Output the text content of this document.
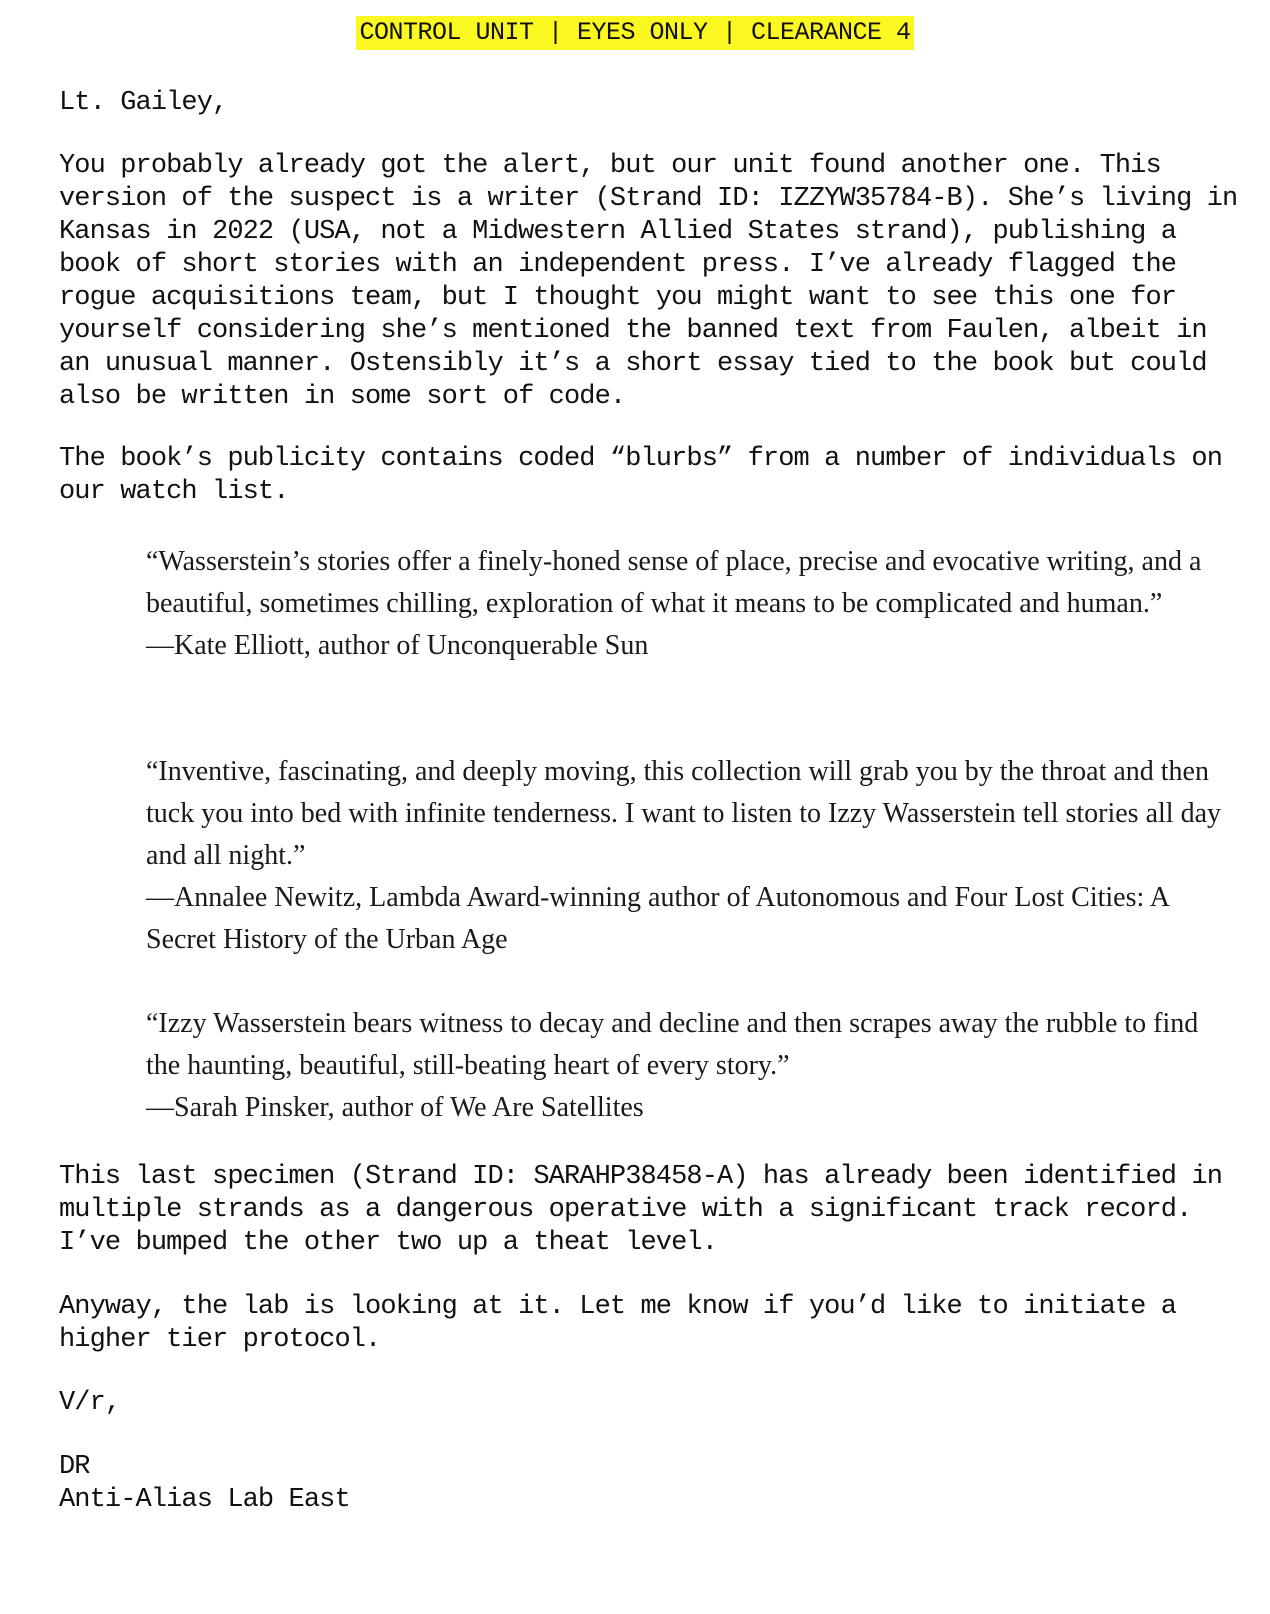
CONTROL UNIT | EYES ONLY | CLEARANCE 4

Lt. Gailey,

You probably already got the alert, but our unit found another one. This version of the suspect is a writer (Strand ID: IZZYW35784-B). She’s living in Kansas in 2022 (USA, not a Midwestern Allied States strand), publishing a book of short stories with an independent press. I’ve already flagged the rogue acquisitions team, but I thought you might want to see this one for yourself considering she’s mentioned the banned text from Faulen, albeit in an unusual manner. Ostensibly it’s a short essay tied to the book but could also be written in some sort of code.

The book’s publicity contains coded “blurbs” from a number of individuals on our watch list.

“Wasserstein’s stories offer a finely-honed sense of place, precise and evocative writing, and a beautiful, sometimes chilling, exploration of what it means to be complicated and human.”

—Kate Elliott, author of Unconquerable Sun

“Inventive, fascinating, and deeply moving, this collection will grab you by the throat and then tuck you into bed with infinite tenderness. I want to listen to Izzy Wasserstein tell stories all day and all night.”

—Annalee Newitz, Lambda Award-winning author of Autonomous and Four Lost Cities: A Secret History of the Urban Age

“Izzy Wasserstein bears witness to decay and decline and then scrapes away the rubble to find the haunting, beautiful, still-beating heart of every story.”

—Sarah Pinsker, author of We Are Satellites

This last specimen (Strand ID: SARAHP38458-A) has already been identified in multiple strands as a dangerous operative with a significant track record. I’ve bumped the other two up a theat level.

Anyway, the lab is looking at it. Let me know if you’d like to initiate a higher tier protocol.

V/r,

DR

Anti-Alias Lab East
